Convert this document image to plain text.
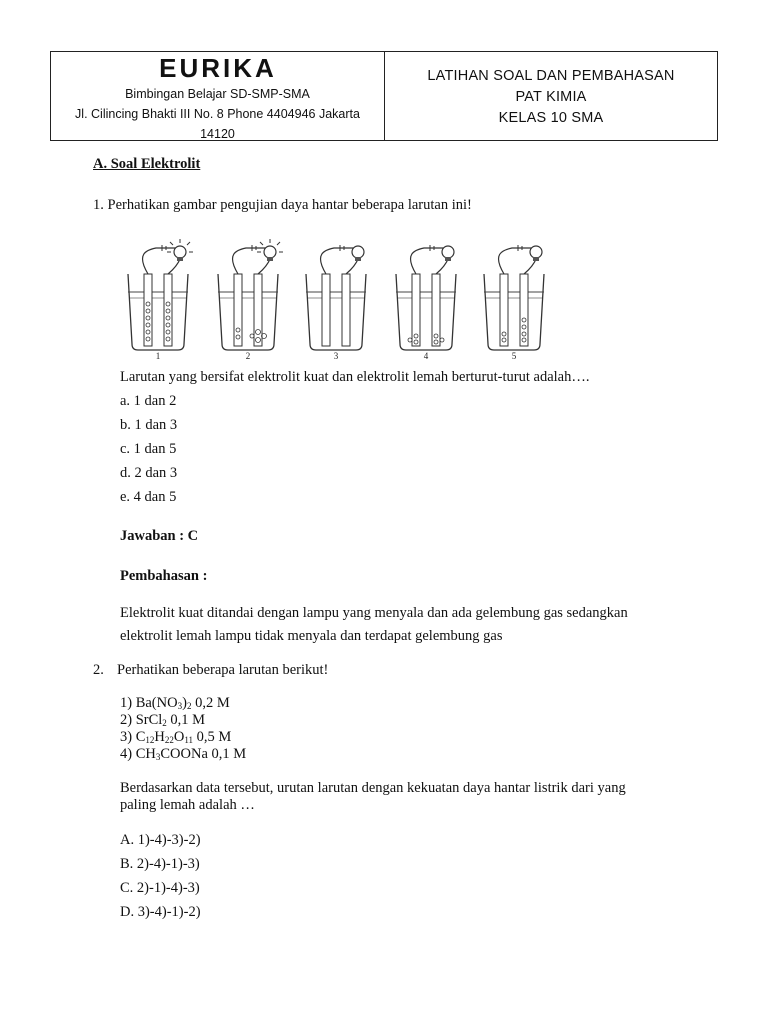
EURIKA
Bimbingan Belajar SD-SMP-SMA
Jl. Cilincing Bhakti III No. 8 Phone 4404946 Jakarta
14120
LATIHAN SOAL DAN PEMBAHASAN
PAT KIMIA
KELAS 10 SMA
A. Soal Elektrolit
1. Perhatikan gambar pengujian daya hantar beberapa larutan ini!
1	2	3	4	5
Larutan yang bersifat elektrolit kuat dan elektrolit lemah berturut-turut adalah….
a. 1 dan 2
b. 1 dan 3
c. 1 dan 5
d. 2 dan 3
e. 4 dan 5
Jawaban : C
Pembahasan :
Elektrolit kuat ditandai dengan lampu yang menyala dan ada gelembung gas sedangkan
elektrolit lemah lampu tidak menyala dan terdapat gelembung gas
2. Perhatikan beberapa larutan berikut!
1) $Ba(NO_3)_2$ 0,2 M
2) SrCl$_2$ 0,1 M
3) $C_{12}H_{22}O_{11}$ 0,5 M
4) $CH_3COONa$ 0,1 M
Berdasarkan data tersebut, urutan larutan dengan kekuatan daya hantar listrik dari yang
paling lemah adalah …
A. 1)-4)-3)-2)
B. 2)-4)-1)-3)
C. 2)-1)-4)-3)
D. 3)-4)-1)-2)
